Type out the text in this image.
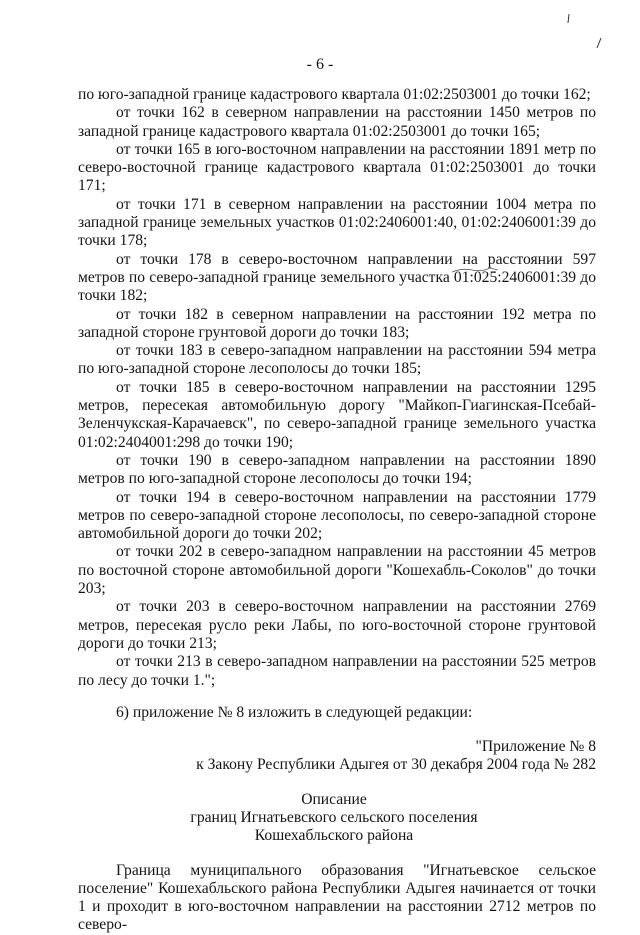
- 6 -

по юго-западной границе кадастрового квартала 01:02:2503001 до точки 162;

от точки 162 в северном направлении на расстоянии 1450 метров по западной границе кадастрового квартала 01:02:2503001 до точки 165;

от точки 165 в юго-восточном направлении на расстоянии 1891 метр по северо-восточной границе кадастрового квартала 01:02:2503001 до точки 171;

от точки 171 в северном направлении на расстоянии 1004 метра по западной границе земельных участков 01:02:2406001:40, 01:02:2406001:39 до точки 178;

от точки 178 в северо-восточном направлении на расстоянии 597 метров по северо-западной границе земельного участка 01:025:2406001:39 до точки 182;

от точки 182 в северном направлении на расстоянии 192 метра по западной стороне грунтовой дороги до точки 183;

от точки 183 в северо-западном направлении на расстоянии 594 метра по юго-западной стороне лесополосы до точки 185;

от точки 185 в северо-восточном направлении на расстоянии 1295 метров, пересекая автомобильную дорогу "Майкоп-Гиагинская-Псебай-Зеленчукская-Карачаевск", по северо-западной границе земельного участка 01:02:2404001:298 до точки 190;

от точки 190 в северо-западном направлении на расстоянии 1890 метров по юго-западной стороне лесополосы до точки 194;

от точки 194 в северо-восточном направлении на расстоянии 1779 метров по северо-западной стороне лесополосы, по северо-западной стороне автомобильной дороги до точки 202;

от точки 202 в северо-западном направлении на расстоянии 45 метров по восточной стороне автомобильной дороги "Кошехабль-Соколов" до точки 203;

от точки 203 в северо-восточном направлении на расстоянии 2769 метров, пересекая русло реки Лабы, по юго-восточной стороне грунтовой дороги до точки 213;

от точки 213 в северо-западном направлении на расстоянии 525 метров по лесу до точки 1.";

6) приложение № 8 изложить в следующей редакции:

"Приложение № 8
к Закону Республики Адыгея от 30 декабря 2004 года № 282
Описание
границ Игнатьевского сельского поселения
Кошехабльского района

Граница муниципального образования "Игнатьевское сельское поселение" Кошехабльского района Республики Адыгея начинается от точки 1 и проходит в юго-восточном направлении на расстоянии 2712 метров по северо-
